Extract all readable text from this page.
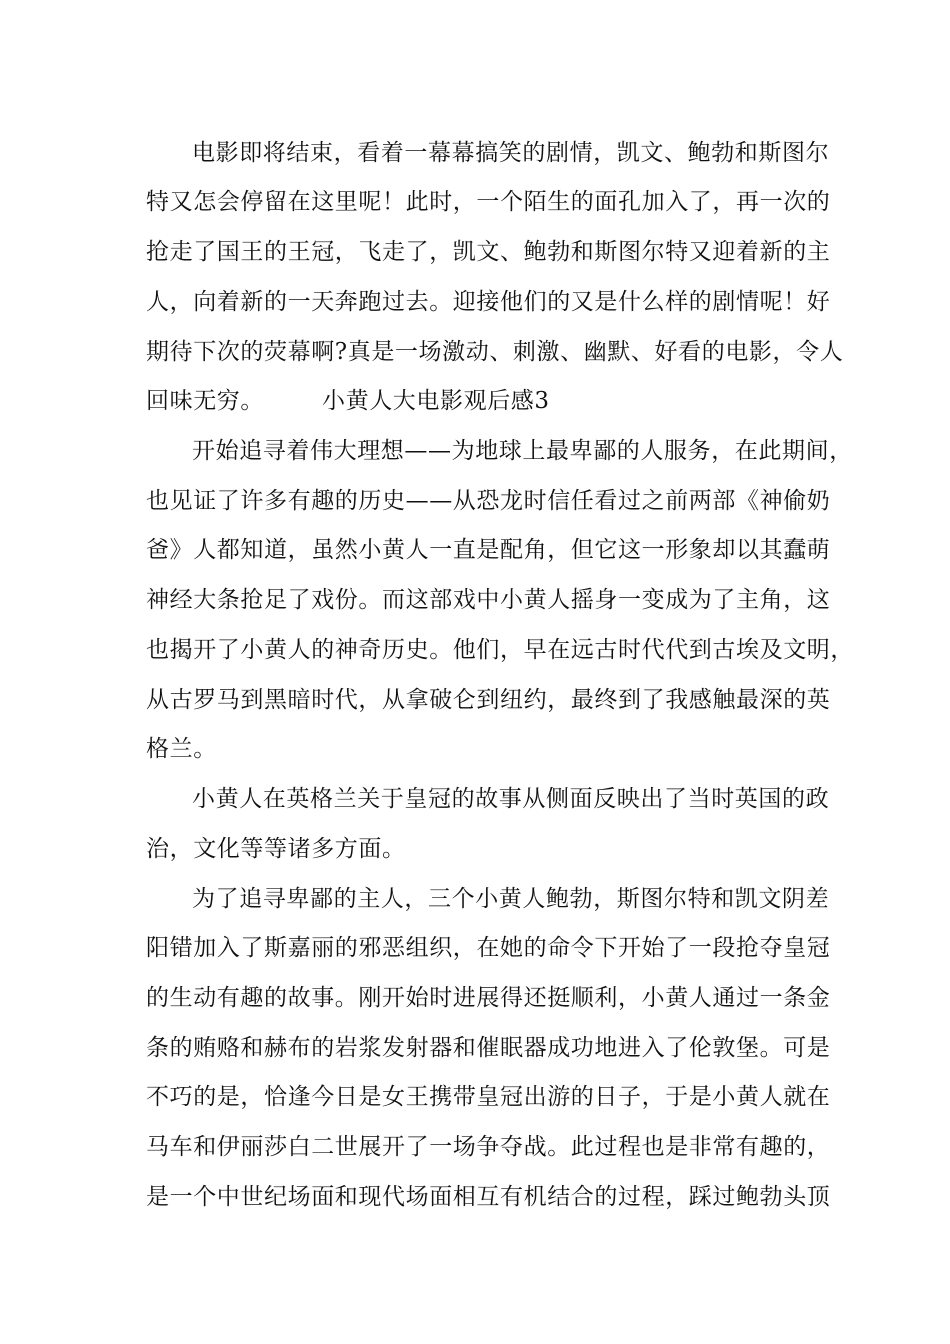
电影即将结束，看着一幕幕搞笑的剧情，凯文、鲍勃和斯图尔
特又怎会停留在这里呢！此时，一个陌生的面孔加入了，再一次的
抢走了国王的王冠，飞走了，凯文、鲍勃和斯图尔特又迎着新的主
人，向着新的一天奔跑过去。迎接他们的又是什么样的剧情呢！好
期待下次的荧幕啊?真是一场激动、刺激、幽默、好看的电影，令人
回味无穷。	小黄人大电影观后感3
开始追寻着伟大理想——为地球上最卑鄙的人服务，在此期间，
也见证了许多有趣的历史——从恐龙时信任看过之前两部《神偷奶
爸》人都知道，虽然小黄人一直是配角，但它这一形象却以其蠢萌
神经大条抢足了戏份。而这部戏中小黄人摇身一变成为了主角，这
也揭开了小黄人的神奇历史。他们，早在远古时代代到古埃及文明，
从古罗马到黑暗时代，从拿破仑到纽约，最终到了我感触最深的英
格兰。
小黄人在英格兰关于皇冠的故事从侧面反映出了当时英国的政
治，文化等等诸多方面。
为了追寻卑鄙的主人，三个小黄人鲍勃，斯图尔特和凯文阴差
阳错加入了斯嘉丽的邪恶组织，在她的命令下开始了一段抢夺皇冠
的生动有趣的故事。刚开始时进展得还挺顺利，小黄人通过一条金
条的贿赂和赫布的岩浆发射器和催眠器成功地进入了伦敦堡。可是
不巧的是，恰逢今日是女王携带皇冠出游的日子，于是小黄人就在
马车和伊丽莎白二世展开了一场争夺战。此过程也是非常有趣的，
是一个中世纪场面和现代场面相互有机结合的过程，踩过鲍勃头顶
